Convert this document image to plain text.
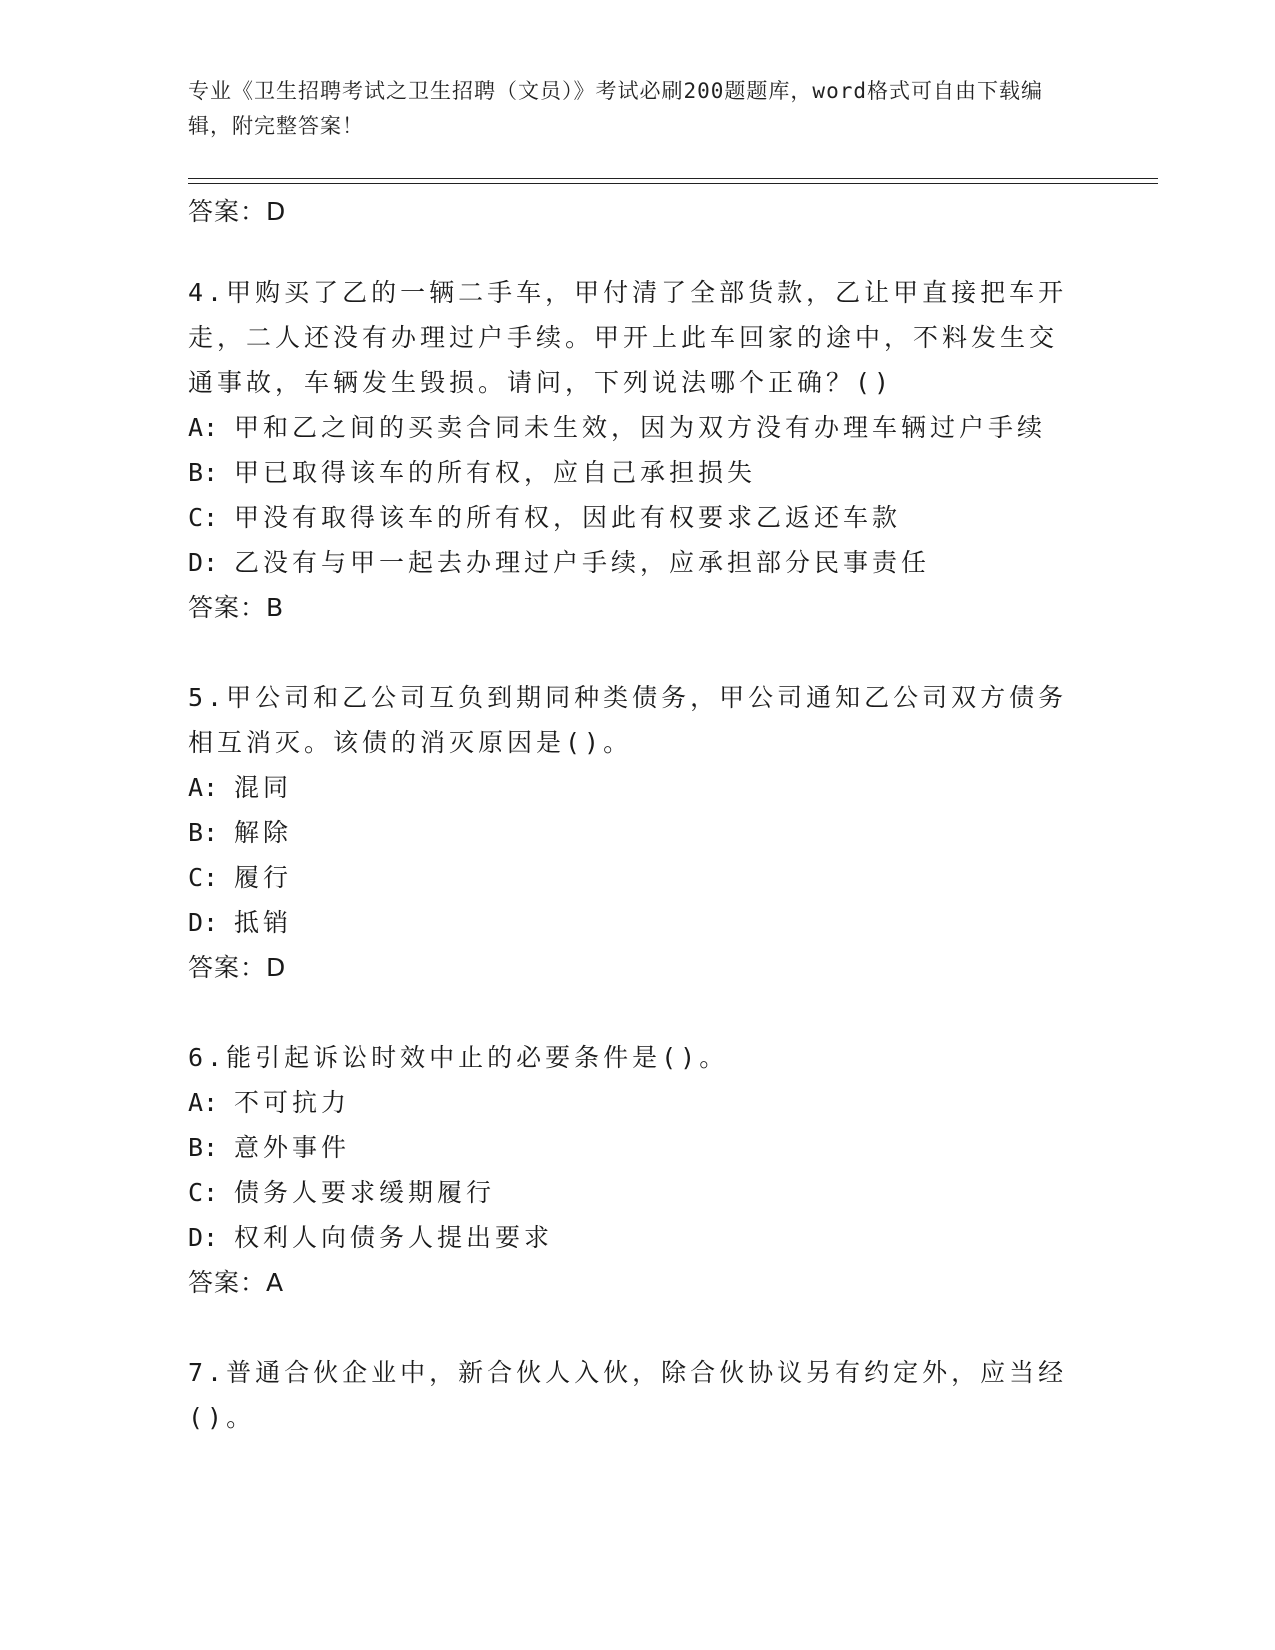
专业《卫生招聘考试之卫生招聘（文员）》考试必刷200题题库，word格式可自由下载编辑，附完整答案！
答案：D
4.甲购买了乙的一辆二手车，甲付清了全部货款，乙让甲直接把车开
走，二人还没有办理过户手续。甲开上此车回家的途中，不料发生交
通事故，车辆发生毁损。请问，下列说法哪个正确？()
A: 甲和乙之间的买卖合同未生效，因为双方没有办理车辆过户手续
B: 甲已取得该车的所有权，应自己承担损失
C: 甲没有取得该车的所有权，因此有权要求乙返还车款
D: 乙没有与甲一起去办理过户手续，应承担部分民事责任
答案：B
5.甲公司和乙公司互负到期同种类债务，甲公司通知乙公司双方债务
相互消灭。该债的消灭原因是()。
A: 混同
B: 解除
C: 履行
D: 抵销
答案：D
6.能引起诉讼时效中止的必要条件是()。
A: 不可抗力
B: 意外事件
C: 债务人要求缓期履行
D: 权利人向债务人提出要求
答案：A
7.普通合伙企业中，新合伙人入伙，除合伙协议另有约定外，应当经
()。
